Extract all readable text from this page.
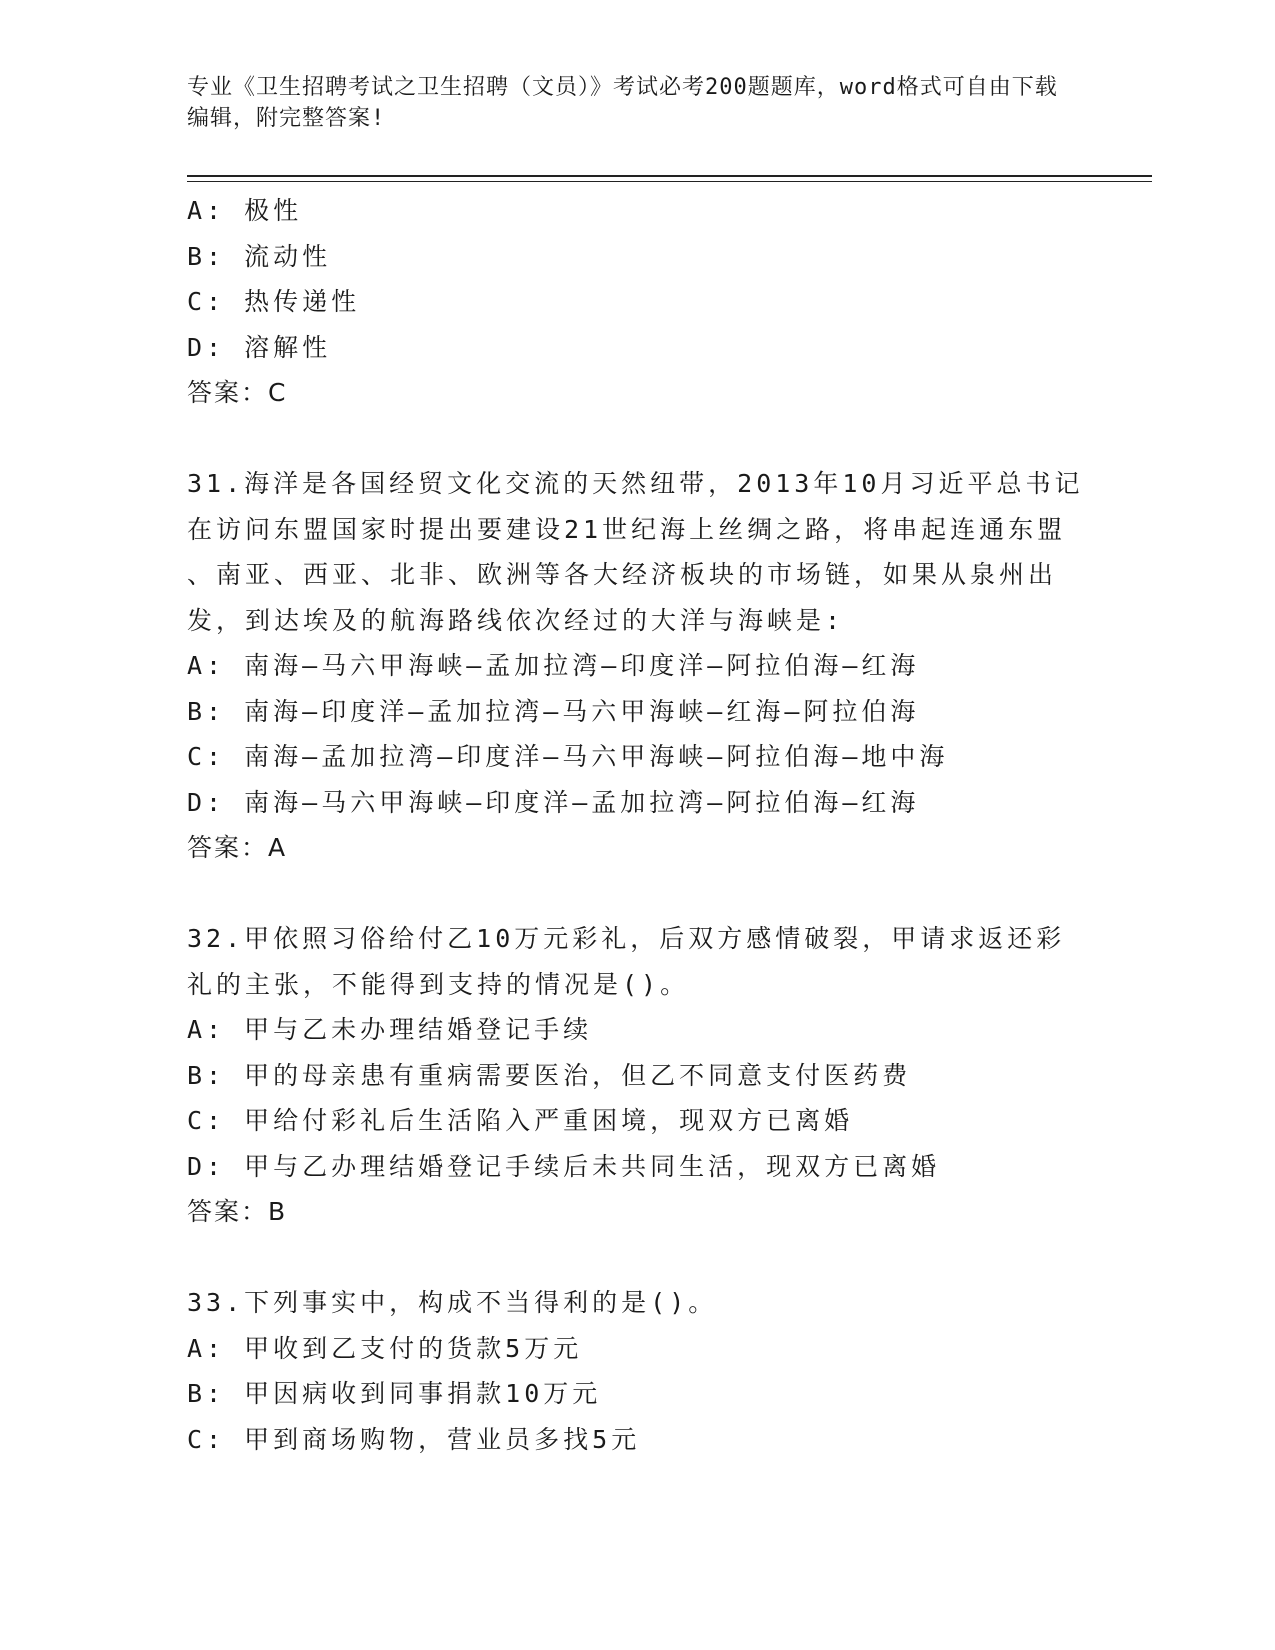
专业《卫生招聘考试之卫生招聘（文员）》考试必考200题题库，word格式可自由下载编辑，附完整答案!
A: 极性
B: 流动性
C: 热传递性
D: 溶解性
答案：C
31.海洋是各国经贸文化交流的天然纽带，2013年10月习近平总书记
在访问东盟国家时提出要建设21世纪海上丝绸之路，将串起连通东盟
、南亚、西亚、北非、欧洲等各大经济板块的市场链，如果从泉州出
发，到达埃及的航海路线依次经过的大洋与海峡是:
A: 南海—马六甲海峡—孟加拉湾—印度洋—阿拉伯海—红海
B: 南海—印度洋—孟加拉湾—马六甲海峡—红海—阿拉伯海
C: 南海—孟加拉湾—印度洋—马六甲海峡—阿拉伯海—地中海
D: 南海—马六甲海峡—印度洋—孟加拉湾—阿拉伯海—红海
答案：A
32.甲依照习俗给付乙10万元彩礼，后双方感情破裂，甲请求返还彩
礼的主张，不能得到支持的情况是()。
A: 甲与乙未办理结婚登记手续
B: 甲的母亲患有重病需要医治，但乙不同意支付医药费
C: 甲给付彩礼后生活陷入严重困境，现双方已离婚
D: 甲与乙办理结婚登记手续后未共同生活，现双方已离婚
答案：B
33.下列事实中，构成不当得利的是()。
A: 甲收到乙支付的货款5万元
B: 甲因病收到同事捐款10万元
C: 甲到商场购物，营业员多找5元
